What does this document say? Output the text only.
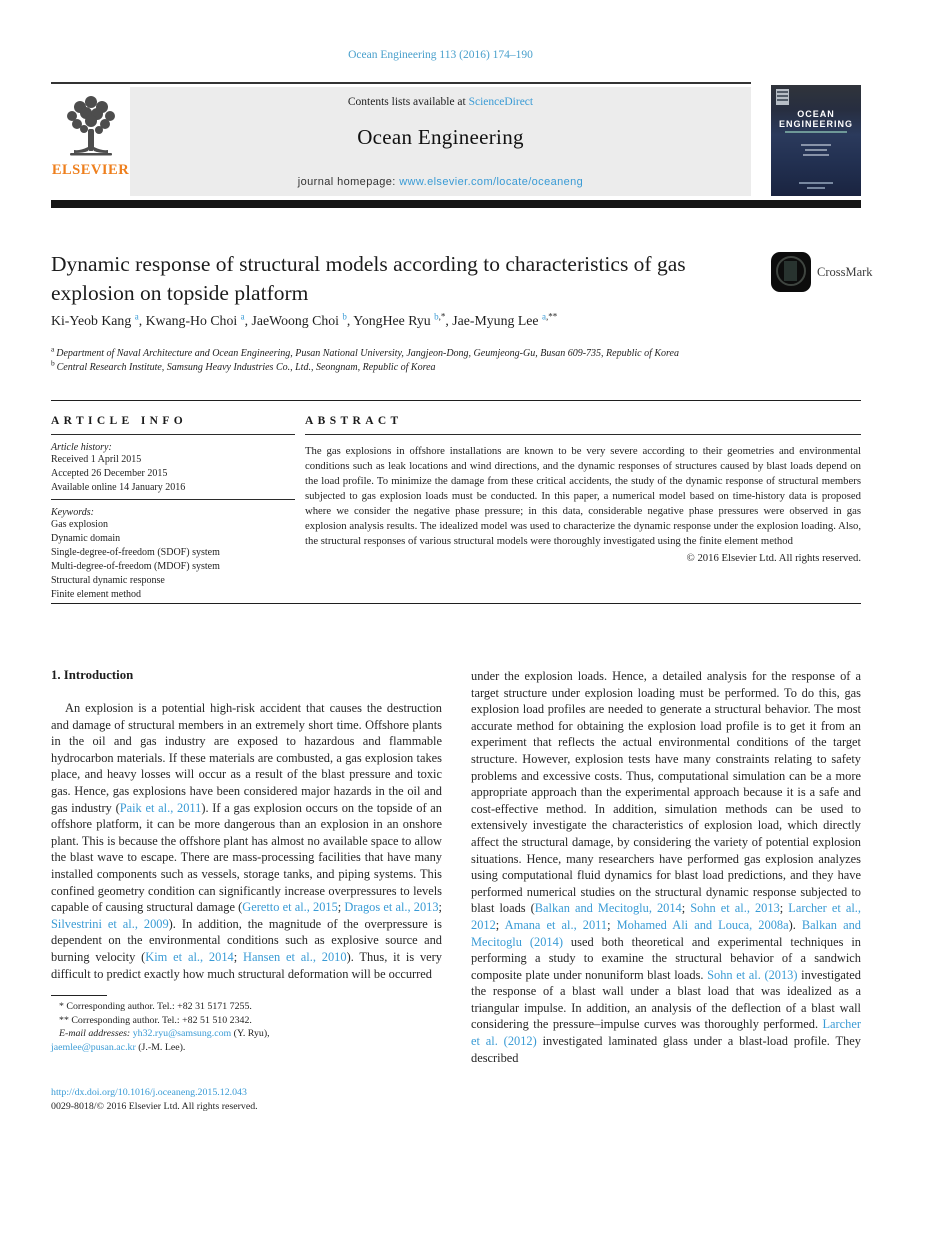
Ocean Engineering 113 (2016) 174–190
ELSEVIER
Contents lists available at ScienceDirect
Ocean Engineering
journal homepage: www.elsevier.com/locate/oceaneng
OCEAN
ENGINEERING
Dynamic response of structural models according to characteristics of gas explosion on topside platform
CrossMark
Ki-Yeob Kang $^a$, Kwang-Ho Choi $^a$, JaeWoong Choi $^b$, YongHee Ryu $^{b,*}$, Jae-Myung Lee $^{a,**}$
$^a$ Department of Naval Architecture and Ocean Engineering, Pusan National University, Jangjeon-Dong, Geumjeong-Gu, Busan 609-735, Republic of Korea
$^b$ Central Research Institute, Samsung Heavy Industries Co., Ltd., Seongnam, Republic of Korea
ARTICLE INFO
Article history:
Received 1 April 2015
Accepted 26 December 2015
Available online 14 January 2016
Keywords:
Gas explosion
Dynamic domain
Single-degree-of-freedom (SDOF) system
Multi-degree-of-freedom (MDOF) system
Structural dynamic response
Finite element method
ABSTRACT
The gas explosions in offshore installations are known to be very severe according to their geometries and environmental conditions such as leak locations and wind directions, and the dynamic responses of structures caused by blast loads depend on the load profile. To minimize the damage from these critical accidents, the study of the dynamic response of structural members subjected to gas explosion loads must be conducted. In this paper, a numerical model based on time-history data is proposed where we consider the negative phase pressure; in this data, considerable negative phase pressures were observed in gas explosion analysis results. The idealized model was used to characterize the dynamic response under the explosion loading. Also, the structural responses of various structural models were thoroughly investigated using the finite element method
© 2016 Elsevier Ltd. All rights reserved.
1. Introduction

An explosion is a potential high-risk accident that causes the destruction and damage of structural members in an extremely short time. Offshore plants in the oil and gas industry are exposed to hazardous and flammable hydrocarbon materials. If these materials are combusted, a gas explosion takes place, and heavy losses will occur as a result of the blast pressure and toxic gas. Hence, gas explosions have been considered major hazards in the oil and gas industry (Paik et al., 2011). If a gas explosion occurs on the topside of an offshore platform, it can be more dangerous than an explosion in an onshore plant. This is because the offshore plant has almost no available space to allow the blast wave to escape. There are mass-processing facilities that have many installed components such as vessels, storage tanks, and piping systems. This confined geometry condition can significantly increase overpressures to levels capable of causing structural damage (Geretto et al., 2015; Dragos et al., 2013; Silvestrini et al., 2009). In addition, the magnitude of the overpressure is dependent on the environmental conditions such as explosive source and burning velocity (Kim et al., 2014; Hansen et al., 2010). Thus, it is very difficult to predict exactly how much structural deformation will be occurred

* Corresponding author. Tel.: +82 31 5171 7255.
** Corresponding author. Tel.: +82 51 510 2342.
E-mail addresses: yh32.ryu@samsung.com (Y. Ryu),
jaemlee@pusan.ac.kr (J.-M. Lee).
http://dx.doi.org/10.1016/j.oceaneng.2015.12.043
0029-8018/© 2016 Elsevier Ltd. All rights reserved.

under the explosion loads. Hence, a detailed analysis for the response of a target structure under explosion loading must be performed. To do this, gas explosion load profiles are needed to generate a structural behavior. The most accurate method for obtaining the explosion load profile is to get it from an experiment that reflects the actual environmental conditions of the target structure. However, explosion tests have many constraints relating to safety problems and excessive costs. Thus, computational simulation can be a more appropriate approach than the experimental approach because it is a safe and cost-effective method. In addition, simulation methods can be used to extensively investigate the characteristics of explosion load, which directly affect the structural damage, by considering the variety of potential explosion situations. Hence, many researchers have performed gas explosion analyzes using computational fluid dynamics for blast load predictions, and they have performed numerical studies on the structural dynamic response subjected to blast loads (Balkan and Mecitoglu, 2014; Sohn et al., 2013; Larcher et al., 2012; Amana et al., 2011; Mohamed Ali and Louca, 2008a). Balkan and Mecitoglu (2014) used both theoretical and experimental techniques in performing a study to examine the structural behavior of a sandwich composite plate under nonuniform blast loads. Sohn et al. (2013) investigated the response of a blast wall under a blast load that was idealized as a triangular impulse. In addition, an analysis of the deflection of a blast wall considering the pressure–impulse curves was thoroughly performed. Larcher et al. (2012) investigated laminated glass under a blast-load profile. They described
